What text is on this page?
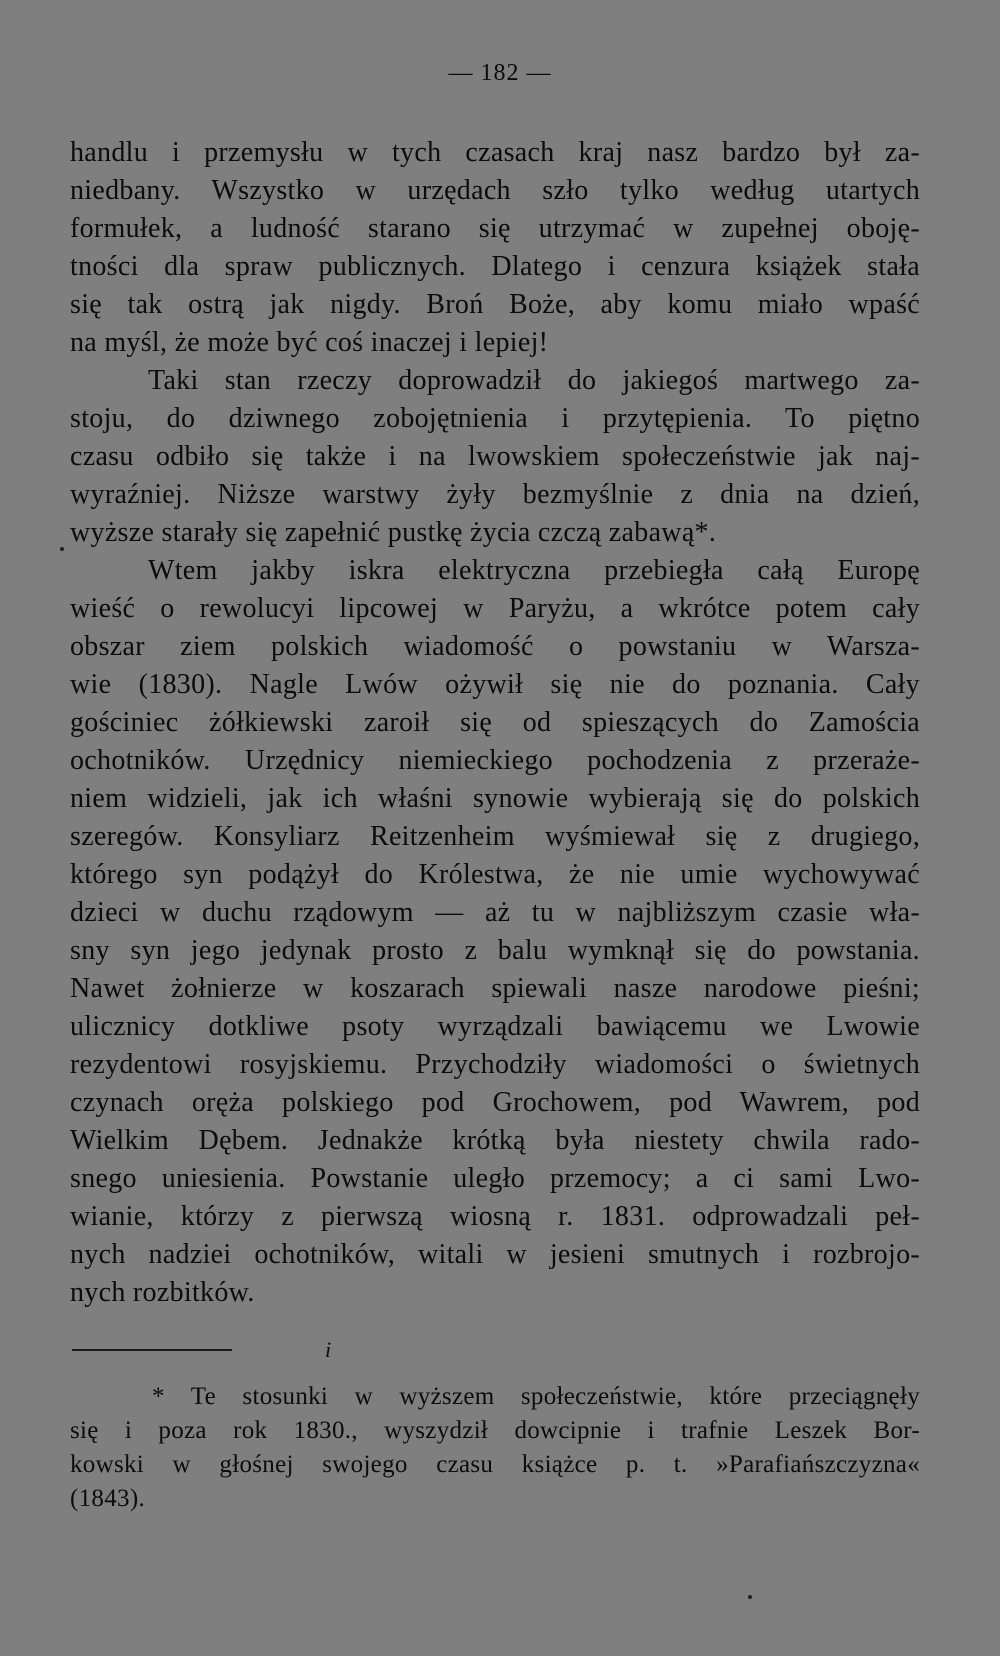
— 182 —
handlu i przemysłu w tych czasach kraj nasz bardzo był za-
niedbany. Wszystko w urzędach szło tylko według utartych
formułek, a ludność starano się utrzymać w zupełnej oboję-
tności dla spraw publicznych. Dlatego i cenzura książek stała
się tak ostrą jak nigdy. Broń Boże, aby komu miało wpaść
na myśl, że może być coś inaczej i lepiej!
Taki stan rzeczy doprowadził do jakiegoś martwego za-
stoju, do dziwnego zobojętnienia i przytępienia. To piętno
czasu odbiło się także i na lwowskiem społeczeństwie jak naj-
wyraźniej. Niższe warstwy żyły bezmyślnie z dnia na dzień,
wyższe starały się zapełnić pustkę życia czczą zabawą*.
Wtem jakby iskra elektryczna przebiegła całą Europę
wieść o rewolucyi lipcowej w Paryżu, a wkrótce potem cały
obszar ziem polskich wiadomość o powstaniu w Warsza-
wie (1830). Nagle Lwów ożywił się nie do poznania. Cały
gościniec żółkiewski zaroił się od spieszących do Zamościa
ochotników. Urzędnicy niemieckiego pochodzenia z przeraże-
niem widzieli, jak ich właśni synowie wybierają się do polskich
szeregów. Konsyliarz Reitzenheim wyśmiewał się z drugiego,
którego syn podążył do Królestwa, że nie umie wychowywać
dzieci w duchu rządowym — aż tu w najbliższym czasie wła-
sny syn jego jedynak prosto z balu wymknął się do powstania.
Nawet żołnierze w koszarach spiewali nasze narodowe pieśni;
ulicznicy dotkliwe psoty wyrządzali bawiącemu we Lwowie
rezydentowi rosyjskiemu. Przychodziły wiadomości o świetnych
czynach oręża polskiego pod Grochowem, pod Wawrem, pod
Wielkim Dębem. Jednakże krótką była niestety chwila rado-
snego uniesienia. Powstanie uległo przemocy; a ci sami Lwo-
wianie, którzy z pierwszą wiosną r. 1831. odprowadzali peł-
nych nadziei ochotników, witali w jesieni smutnych i rozbrojo-
nych rozbitków.
i
* Te stosunki w wyższem społeczeństwie, które przeciągnęły
się i poza rok 1830., wyszydził dowcipnie i trafnie Leszek Bor-
kowski w głośnej swojego czasu książce p. t. »Parafiańszczyzna«
(1843).
